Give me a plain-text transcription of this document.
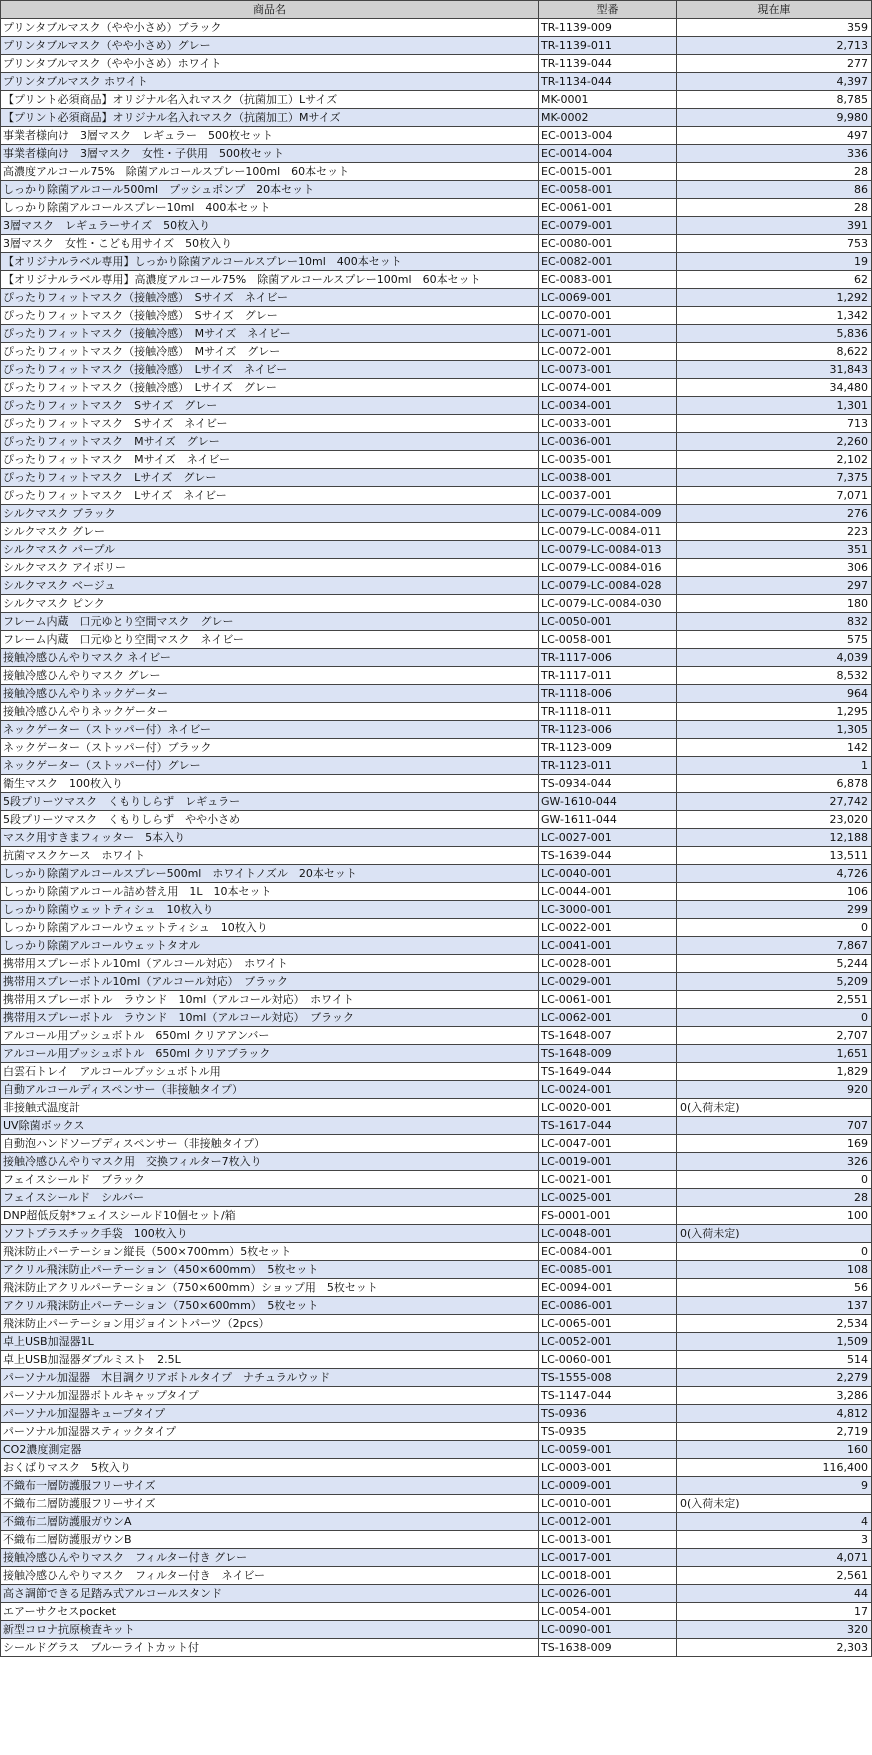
商品名	型番	現在庫
プリンタブルマスク（やや小さめ）ブラック	TR-1139-009	359
プリンタブルマスク（やや小さめ）グレー	TR-1139-011	2,713
プリンタブルマスク（やや小さめ）ホワイト	TR-1139-044	277
プリンタブルマスク ホワイト	TR-1134-044	4,397
【プリント必須商品】オリジナル名入れマスク（抗菌加工）Lサイズ	MK-0001	8,785
【プリント必須商品】オリジナル名入れマスク（抗菌加工）Mサイズ	MK-0002	9,980
事業者様向け　3層マスク　レギュラー　500枚セット	EC-0013-004	497
事業者様向け　3層マスク　女性・子供用　500枚セット	EC-0014-004	336
高濃度アルコール75%　除菌アルコールスプレー100ml　60本セット	EC-0015-001	28
しっかり除菌アルコール500ml　プッシュポンプ　20本セット	EC-0058-001	86
しっかり除菌アルコールスプレー10ml　400本セット	EC-0061-001	28
3層マスク　レギュラーサイズ　50枚入り	EC-0079-001	391
3層マスク　女性・こども用サイズ　50枚入り	EC-0080-001	753
【オリジナルラベル専用】しっかり除菌アルコールスプレー10ml　400本セット	EC-0082-001	19
【オリジナルラベル専用】高濃度アルコール75%　除菌アルコールスプレー100ml　60本セット	EC-0083-001	62
ぴったりフィットマスク（接触冷感）　Sサイズ　ネイビー	LC-0069-001	1,292
ぴったりフィットマスク（接触冷感）　Sサイズ　グレー	LC-0070-001	1,342
ぴったりフィットマスク（接触冷感）　Mサイズ　ネイビー	LC-0071-001	5,836
ぴったりフィットマスク（接触冷感）　Mサイズ　グレー	LC-0072-001	8,622
ぴったりフィットマスク（接触冷感）　Lサイズ　ネイビー	LC-0073-001	31,843
ぴったりフィットマスク（接触冷感）　Lサイズ　グレー	LC-0074-001	34,480
ぴったりフィットマスク　Sサイズ　グレー	LC-0034-001	1,301
ぴったりフィットマスク　Sサイズ　ネイビー	LC-0033-001	713
ぴったりフィットマスク　Mサイズ　グレー	LC-0036-001	2,260
ぴったりフィットマスク　Mサイズ　ネイビー	LC-0035-001	2,102
ぴったりフィットマスク　Lサイズ　グレー	LC-0038-001	7,375
ぴったりフィットマスク　Lサイズ　ネイビー	LC-0037-001	7,071
シルクマスク ブラック	LC-0079-LC-0084-009	276
シルクマスク グレー	LC-0079-LC-0084-011	223
シルクマスク パープル	LC-0079-LC-0084-013	351
シルクマスク アイボリー	LC-0079-LC-0084-016	306
シルクマスク ベージュ	LC-0079-LC-0084-028	297
シルクマスク ピンク	LC-0079-LC-0084-030	180
フレーム内蔵　口元ゆとり空間マスク　グレー	LC-0050-001	832
フレーム内蔵　口元ゆとり空間マスク　ネイビー	LC-0058-001	575
接触冷感ひんやりマスク ネイビー	TR-1117-006	4,039
接触冷感ひんやりマスク グレー	TR-1117-011	8,532
接触冷感ひんやりネックゲーター	TR-1118-006	964
接触冷感ひんやりネックゲーター	TR-1118-011	1,295
ネックゲーター（ストッパー付）ネイビー	TR-1123-006	1,305
ネックゲーター（ストッパー付）ブラック	TR-1123-009	142
ネックゲーター（ストッパー付）グレー	TR-1123-011	1
衛生マスク　100枚入り	TS-0934-044	6,878
5段プリーツマスク　くもりしらず　レギュラー	GW-1610-044	27,742
5段プリーツマスク　くもりしらず　やや小さめ	GW-1611-044	23,020
マスク用すきまフィッター　5本入り	LC-0027-001	12,188
抗菌マスクケース　ホワイト	TS-1639-044	13,511
しっかり除菌アルコールスプレー500ml　ホワイトノズル　20本セット	LC-0040-001	4,726
しっかり除菌アルコール詰め替え用　1L　10本セット	LC-0044-001	106
しっかり除菌ウェットティシュ　10枚入り	LC-3000-001	299
しっかり除菌アルコールウェットティシュ　10枚入り	LC-0022-001	0
しっかり除菌アルコールウェットタオル	LC-0041-001	7,867
携帯用スプレーボトル10ml（アルコール対応）　ホワイト	LC-0028-001	5,244
携帯用スプレーボトル10ml（アルコール対応）　ブラック	LC-0029-001	5,209
携帯用スプレーボトル　ラウンド　10ml（アルコール対応）　ホワイト	LC-0061-001	2,551
携帯用スプレーボトル　ラウンド　10ml（アルコール対応）　ブラック	LC-0062-001	0
アルコール用プッシュボトル　650ml クリアアンバー	TS-1648-007	2,707
アルコール用プッシュボトル　650ml クリアブラック	TS-1648-009	1,651
白雲石トレイ　アルコールプッシュボトル用	TS-1649-044	1,829
自動アルコールディスペンサー（非接触タイプ）	LC-0024-001	920
非接触式温度計	LC-0020-001	0(入荷未定)
UV除菌ボックス	TS-1617-044	707
自動泡ハンドソープディスペンサー（非接触タイプ）	LC-0047-001	169
接触冷感ひんやりマスク用　交換フィルター7枚入り	LC-0019-001	326
フェイスシールド　ブラック	LC-0021-001	0
フェイスシールド　シルバー	LC-0025-001	28
DNP超低反射*フェイスシールド10個セット/箱	FS-0001-001	100
ソフトプラスチック手袋　100枚入り	LC-0048-001	0(入荷未定)
飛沫防止パーテーション縦長（500×700mm）5枚セット	EC-0084-001	0
アクリル飛沫防止パーテーション（450×600mm）　5枚セット	EC-0085-001	108
飛沫防止アクリルパーテーション（750×600mm）ショップ用　5枚セット	EC-0094-001	56
アクリル飛沫防止パーテーション（750×600mm）　5枚セット	EC-0086-001	137
飛沫防止パーテーション用ジョイントパーツ（2pcs）	LC-0065-001	2,534
卓上USB加湿器1L	LC-0052-001	1,509
卓上USB加湿器ダブルミスト　2.5L	LC-0060-001	514
パーソナル加湿器　木目調クリアボトルタイプ　ナチュラルウッド	TS-1555-008	2,279
パーソナル加湿器ボトルキャップタイプ	TS-1147-044	3,286
パーソナル加湿器キューブタイプ	TS-0936	4,812
パーソナル加湿器スティックタイプ	TS-0935	2,719
CO2濃度測定器	LC-0059-001	160
おくばりマスク　5枚入り	LC-0003-001	116,400
不織布一層防護服フリーサイズ	LC-0009-001	9
不織布二層防護服フリーサイズ	LC-0010-001	0(入荷未定)
不織布二層防護服ガウンA	LC-0012-001	4
不織布二層防護服ガウンB	LC-0013-001	3
接触冷感ひんやりマスク　フィルター付き グレー	LC-0017-001	4,071
接触冷感ひんやりマスク　フィルター付き　ネイビー	LC-0018-001	2,561
高さ調節できる足踏み式アルコールスタンド	LC-0026-001	44
エアーサクセスpocket	LC-0054-001	17
新型コロナ抗原検査キット	LC-0090-001	320
シールドグラス　ブルーライトカット付	TS-1638-009	2,303
